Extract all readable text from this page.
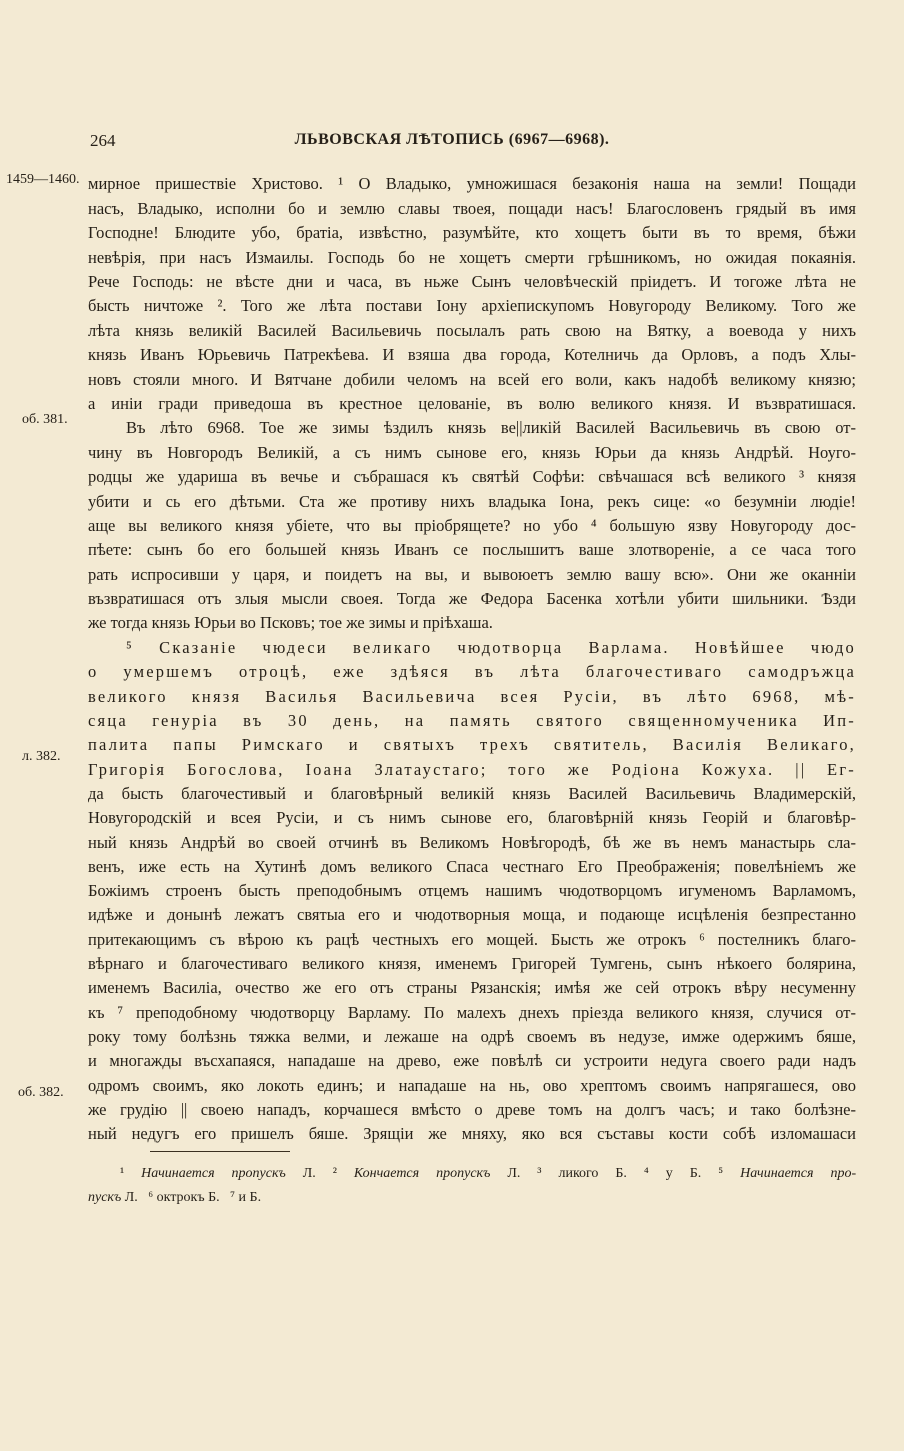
264	ЛЬВОВСКАЯ ЛѢТОПИСЬ (6967—6968).
1459—1460.
об. 381.
л. 382.
об. 382.
мирное пришествіе Христово. ¹ О Владыко, умножишася безаконія наша на земли! Пощади
насъ, Владыко, исполни бо и землю славы твоея, пощади насъ! Благословенъ грядый въ имя
Господне! Блюдите убо, братіа, извѣстно, разумѣйте, кто хощетъ быти въ то время, бѣжи
невѣрія, при насъ Измаилы. Господь бо не хощетъ смерти грѣшникомъ, но ожидая покаянія.
Рече Господь: не вѣсте дни и часа, въ ньже Сынъ человѣческій пріидетъ. И тогоже лѣта не
бысть ничтоже ². Того же лѣта постави Іону архіепискупомъ Новугороду Великому. Того же
лѣта князь великій Василей Васильевичь посылалъ рать свою на Вятку, а воевода у нихъ
князь Иванъ Юрьевичь Патрекѣева. И взяша два города, Котелничь да Орловъ, а подъ Хлы-
новъ стояли много. И Вятчане добили челомъ на всей его воли, какъ надобѣ великому князю;
а иніи гради приведоша въ крестное целованіе, въ волю великого князя. И възвратишася.
Въ лѣто 6968. Тое же зимы ѣздилъ князь ве||ликій Василей Васильевичь въ свою от-
чину въ Новгородъ Великій, а съ нимъ сынове его, князь Юрьи да князь Андрѣй. Ноуго-
родцы же удариша въ вечье и събрашася къ святѣй Софѣи: свѣчашася всѣ великого ³ князя
убити и сь его дѣтьми. Ста же противу нихъ владыка Іона, рекъ сице: «о безумніи людіе!
аще вы великого князя убіете, что вы пріобрящете? но убо ⁴ большую язву Новугороду дос-
пѣете: сынъ бо его большей князь Иванъ се послышитъ ваше злотвореніе, а се часа того
рать испросивши у царя, и поидетъ на вы, и вывоюетъ землю вашу всю». Они же оканніи
възвратишася отъ злыя мысли своея. Тогда же Федора Басенка хотѣли убити шильники. Ѣзди
же тогда князь Юрьи во Псковъ; тое же зимы и пріѣхаша.
⁵ Сказаніе чюдеси великаго чюдотворца Варлама. Новѣйшее чюдо
о умершемъ отроцѣ, еже здѣяся въ лѣта благочестиваго самодръжца
великого князя Василья Васильевича всея Русіи, въ лѣто 6968, мѣ-
сяца генуріа въ 30 день, на память святого священномученика Ип-
палита папы Римскаго и святыхъ трехъ святитель, Василія Великаго,
Григорія Богослова, Іоана Златаустаго; того же Родіона Кожуха. || Ег-
да бысть благочестивый и благовѣрный великій князь Василей Васильевичь Владимерскій,
Новугородскій и всея Русіи, и съ нимъ сынове его, благовѣрній князь Георій и благовѣр-
ный князь Андрѣй во своей отчинѣ въ Великомъ Новѣгородѣ, бѣ же въ немъ манастырь сла-
венъ, иже есть на Хутинѣ домъ великого Спаса честнаго Его Преображенія; повелѣніемъ же
Божіимъ строенъ бысть преподобнымъ отцемъ нашимъ чюдотворцомъ игуменомъ Варламомъ,
идѣже и донынѣ лежатъ святыа его и чюдотворныя моща, и подающе исцѣленія безпрестанно
притекающимъ съ вѣрою къ рацѣ честныхъ его мощей. Бысть же отрокъ ⁶ постелникъ благо-
вѣрнаго и благочестиваго великого князя, именемъ Григорей Тумгень, сынъ нѣкоего болярина,
именемъ Василіа, очество же его отъ страны Рязанскія; имѣя же сей отрокъ вѣру несуменну
къ ⁷ преподобному чюдотворцу Варламу. По малехъ днехъ пріезда великого князя, случися от-
року тому болѣзнь тяжка велми, и лежаше на одрѣ своемъ въ недузе, имже одержимъ бяше,
и многажды въсхапаяся, нападаше на древо, еже повѣлѣ си устроити недуга своего ради надъ
одромъ своимъ, яко локоть единъ; и нападаше на нь, ово хрептомъ своимъ напрягашеся, ово
же грудію || своею нападъ, корчашеся вмѣсто о древе томъ на долгъ часъ; и тако болѣзне-
ный недугъ его пришелъ бяше. Зрящіи же мняху, яко вся съставы кости собѣ изломашаси
¹ Начинается пропускъ Л. ² Кончается пропускъ Л. ³ ликого Б. ⁴ у Б. ⁵ Начинается про-
пускъ Л. ⁶ октрокъ Б. ⁷ и Б.
